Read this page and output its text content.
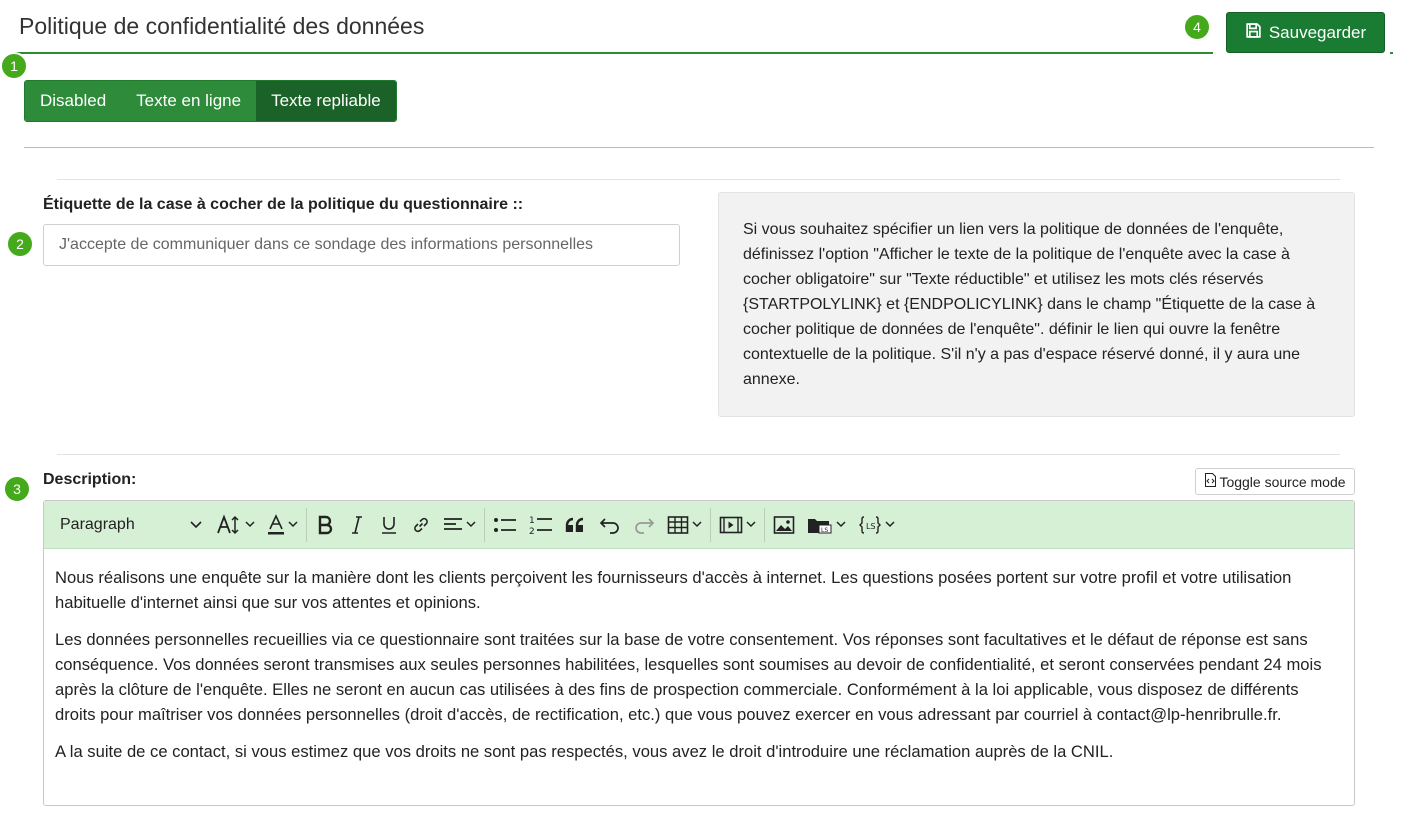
Politique de confidentialité des données
1
2
3
4	Sauvegarder
Disabled	Texte en ligne	Texte repliable
Étiquette de la case à cocher de la politique du questionnaire ::
J'accepte de communiquer dans ce sondage des informations personnelles
Si vous souhaitez spécifier un lien vers la politique de données de l'enquête, définissez l'option "Afficher le texte de la politique de l'enquête avec la case à cocher obligatoire" sur "Texte réductible" et utilisez les mots clés réservés {STARTPOLYLINK} et {ENDPOLICYLINK} dans le champ "Étiquette de la case à cocher politique de données de l'enquête". définir le lien qui ouvre la fenêtre contextuelle de la politique. S'il n'y a pas d'espace réservé donné, il y aura une annexe.
Description:	Toggle source mode
Paragraph	1
2	LS	LS

Nous réalisons une enquête sur la manière dont les clients perçoivent les fournisseurs d'accès à internet. Les questions posées portent sur votre profil et votre utilisation habituelle d'internet ainsi que sur vos attentes et opinions.

Les données personnelles recueillies via ce questionnaire sont traitées sur la base de votre consentement. Vos réponses sont facultatives et le défaut de réponse est sans conséquence. Vos données seront transmises aux seules personnes habilitées, lesquelles sont soumises au devoir de confidentialité, et seront conservées pendant 24 mois après la clôture de l'enquête. Elles ne seront en aucun cas utilisées à des fins de prospection commerciale. Conformément à la loi applicable, vous disposez de différents droits pour maîtriser vos données personnelles (droit d'accès, de rectification, etc.) que vous pouvez exercer en vous adressant par courriel à contact@lp-henribrulle.fr.

A la suite de ce contact, si vous estimez que vos droits ne sont pas respectés, vous avez le droit d'introduire une réclamation auprès de la CNIL.
